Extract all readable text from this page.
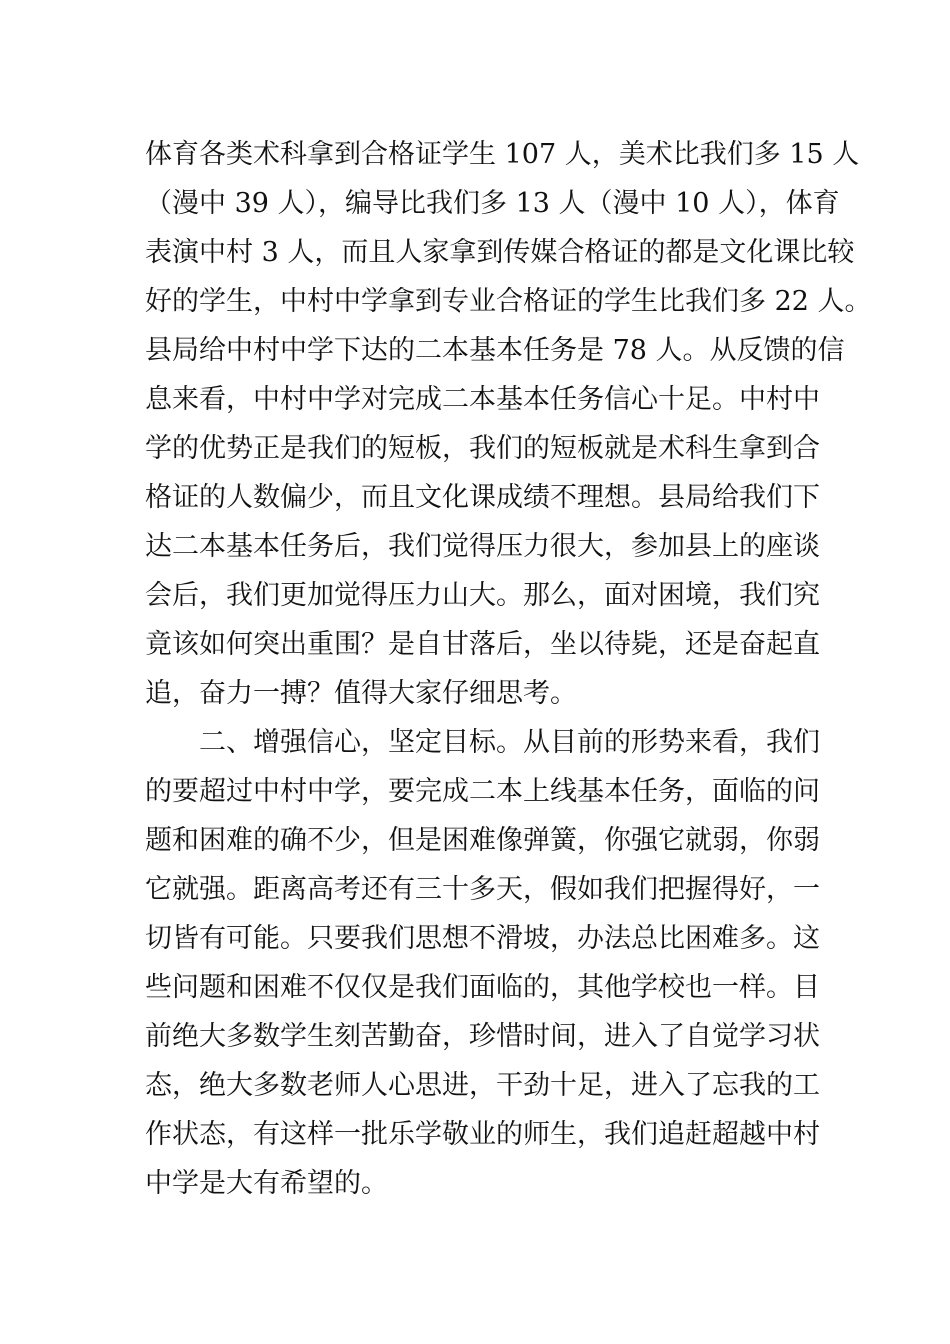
体育各类术科拿到合格证学生 107 人，美术比我们多 15 人
（漫中 39 人），编导比我们多 13 人（漫中 10 人），体育
表演中村 3 人，而且人家拿到传媒合格证的都是文化课比较
好的学生，中村中学拿到专业合格证的学生比我们多 22 人。
县局给中村中学下达的二本基本任务是 78 人。从反馈的信
息来看，中村中学对完成二本基本任务信心十足。中村中
学的优势正是我们的短板，我们的短板就是术科生拿到合
格证的人数偏少，而且文化课成绩不理想。县局给我们下
达二本基本任务后，我们觉得压力很大，参加县上的座谈
会后，我们更加觉得压力山大。那么，面对困境，我们究
竟该如何突出重围？是自甘落后，坐以待毙，还是奋起直
追，奋力一搏？值得大家仔细思考。
二、增强信心，坚定目标。从目前的形势来看，我们
的要超过中村中学，要完成二本上线基本任务，面临的问
题和困难的确不少，但是困难像弹簧，你强它就弱，你弱
它就强。距离高考还有三十多天，假如我们把握得好，一
切皆有可能。只要我们思想不滑坡，办法总比困难多。这
些问题和困难不仅仅是我们面临的，其他学校也一样。目
前绝大多数学生刻苦勤奋，珍惜时间，进入了自觉学习状
态，绝大多数老师人心思进，干劲十足，进入了忘我的工
作状态，有这样一批乐学敬业的师生，我们追赶超越中村
中学是大有希望的。
